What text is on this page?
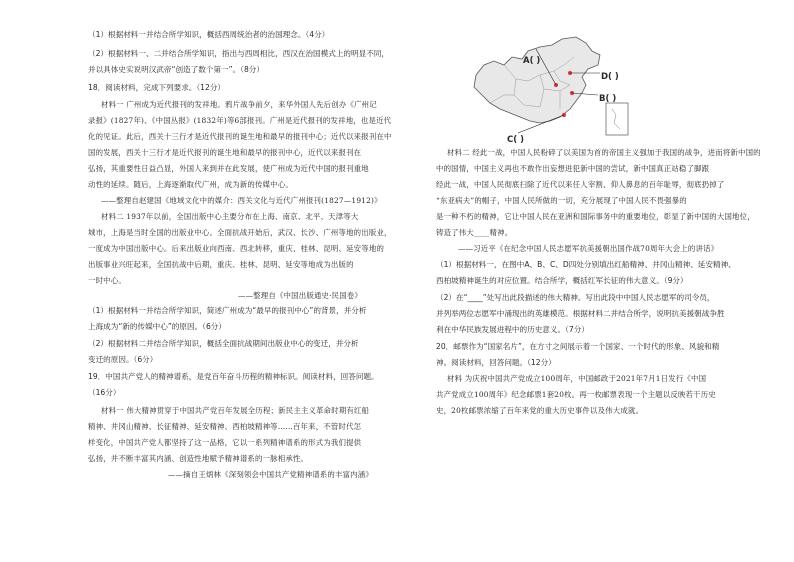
（1）根据材料一并结合所学知识，概括西周统治者的治国理念。（4分）
（2）根据材料一、二并结合所学知识，指出与西周相比，西汉在治国模式上的明显不同，
并以具体史实说明汉武帝“创造了数个第一”。（8分）
18．阅读材料，完成下列要求。（12分）
材料一 广州成为近代报刊的发祥地。鸦片战争前夕，来华外国人先后创办《广州记
录报》(1827年)、《中国丛报》(1832年)等6部报刊。广州是近代报刊的发祥地，也是近代
化的见证。此后，西关十三行才是近代报刊的诞生地和最早的报刊中心；近代以来报刊在中
国的发展，西关十三行才是近代报刊的诞生地和最早的报刊中心，近代以来报刊在
弘扬，其重要性日益凸显，外国人来到并在此发展，使广州成为近代中国的报刊重地
动性的延续。随后，上海逐渐取代广州，成为新的传媒中心。
——整理自赵建国《地域文化中的媒介：西关文化与近代广州报刊(1827—1912)》
材料二 1937年以前，全国出版中心主要分布在上海、南京、北平、天津等大
城市，上海是当时全国的出版业中心。全面抗战开始后，武汉、长沙、广州等地的出版业，
一度成为中国出版中心。后来出版业向西南、西北转移，重庆、桂林、昆明、延安等地的
出版事业兴旺起来，全国抗战中后期，重庆、桂林、昆明、延安等地成为出版的
一时中心。
——整理自《中国出版通史·民国卷》
（1）根据材料一并结合所学知识，简述广州成为“最早的报刊中心”的背景，并分析
上海成为“新的传媒中心”的原因。（6分）
（2）根据材料二并结合所学知识，概括全面抗战期间出版业中心的变迁，并分析
变迁的原因。（6分）
19．中国共产党人的精神谱系，是党百年奋斗历程的精神标识。阅读材料，回答问题。
（16分）
材料一 伟大精神贯穿于中国共产党百年发展全历程；新民主主义革命时期有红船
精神、井冈山精神、长征精神、延安精神、西柏坡精神等……百年来，不管时代怎
样变化，中国共产党人都坚持了这一品格，它以一系列精神谱系的形式为我们提供
弘扬，并不断丰富其内涵、创造性地赋予精神谱系的一脉相承性。
——摘自王炳林《深刻领会中国共产党精神谱系的丰富内涵》
材料二 经此一战，中国人民粉碎了以美国为首的帝国主义强加于我国的战争，进而将新中国的
中的国情，中国主义再也不敢作出妄想进犯新中国的尝试，新中国真正站稳了脚跟
经此一战，中国人民彻底扫除了近代以来任人宰割、仰人鼻息的百年耻辱，彻底扔掉了
“东亚病夫”的帽子，中国人民所做的一切，充分展现了中国人民不畏强暴的
是一种不朽的精神，它让中国人民在亚洲和国际事务中的重要地位，彰显了新中国的大国地位，
铸造了伟大____精神。
——习近平《在纪念中国人民志愿军抗美援朝出国作战70周年大会上的讲话》
（1）根据材料一，在图中A、B、C、D四处分别填出红船精神、井冈山精神、延安精神、
西柏坡精神诞生的对应位置。结合所学，概括红军长征的伟大意义。（9分）
（2）在“____”处写出此段描述的伟大精神。写出此段中中国人民志愿军的司令员，
并列举两位志愿军中涌现出的英雄模范。根据材料二并结合所学，说明抗美援朝战争胜
利在中华民族发展进程中的历史意义。（7分）
20．邮票作为“国家名片”，在方寸之间展示着一个国家、一个时代的形象、风貌和精
神。阅读材料，回答问题。（12分）
材料 为庆祝中国共产党成立100周年，中国邮政于2021年7月1日发行《中国
共产党成立100周年》纪念邮票1套20枚。再一枚邮票表现一个主题以反映若干历史
史，20枚邮票浓缩了百年来党的重大历史事件以及伟大成就。
A( )
D( )
B( )
C( )
